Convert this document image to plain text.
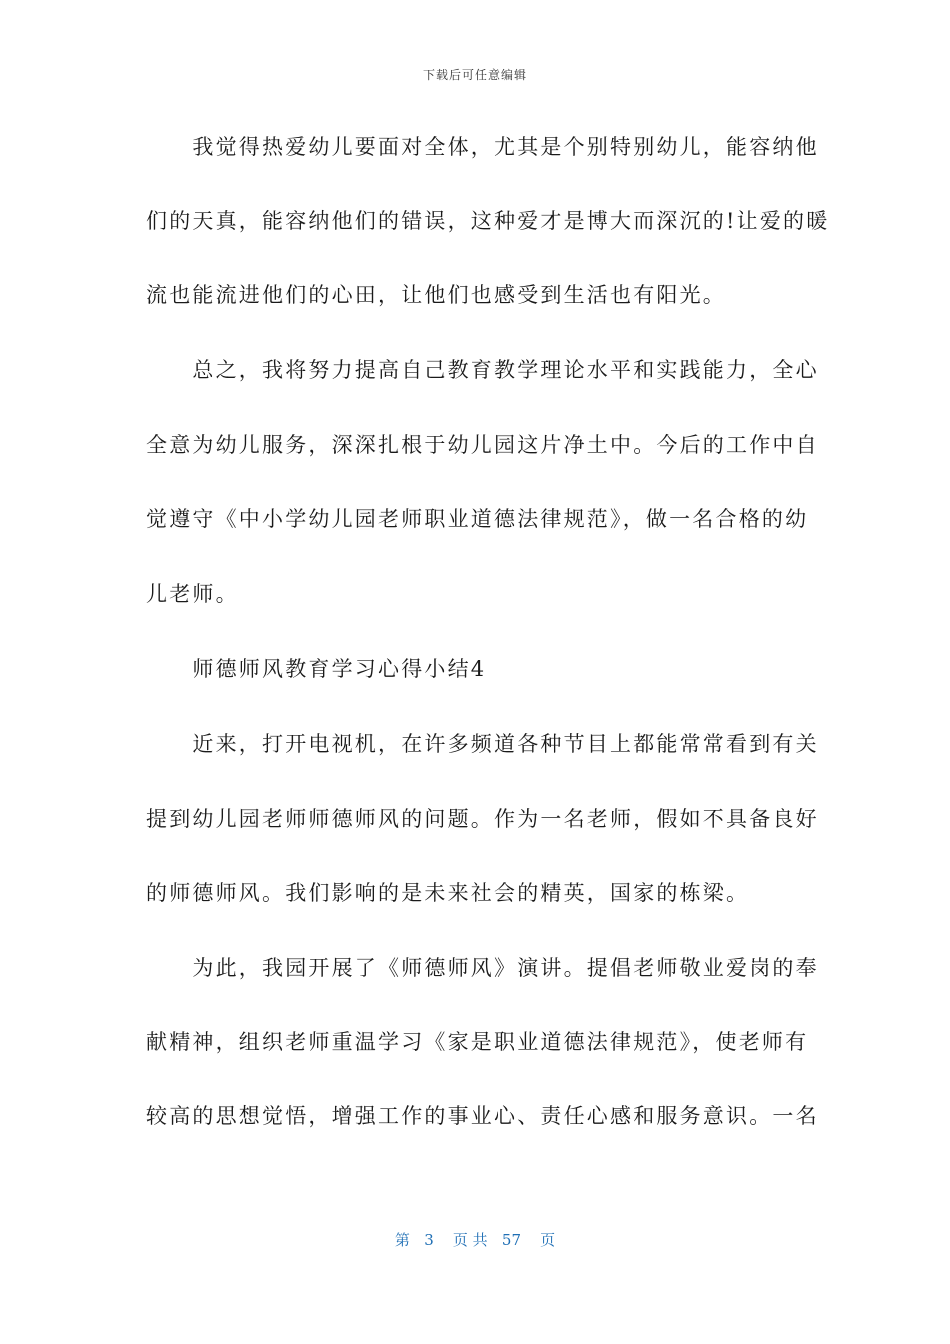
下载后可任意编辑
　　我觉得热爱幼儿要面对全体，尤其是个别特别幼儿，能容纳他
们的天真，能容纳他们的错误，这种爱才是博大而深沉的!让爱的暖
流也能流进他们的心田，让他们也感受到生活也有阳光。
　　总之，我将努力提高自己教育教学理论水平和实践能力，全心
全意为幼儿服务，深深扎根于幼儿园这片净土中。今后的工作中自
觉遵守《中小学幼儿园老师职业道德法律规范》，做一名合格的幼
儿老师。
　　师德师风教育学习心得小结4
　　近来，打开电视机，在许多频道各种节目上都能常常看到有关
提到幼儿园老师师德师风的问题。作为一名老师，假如不具备良好
的师德师风。我们影响的是未来社会的精英，国家的栋梁。
　　为此，我园开展了《师德师风》演讲。提倡老师敬业爱岗的奉
献精神，组织老师重温学习《家是职业道德法律规范》，使老师有
较高的思想觉悟，增强工作的事业心、责任心感和服务意识。一名
第 3 页 共 57 页
